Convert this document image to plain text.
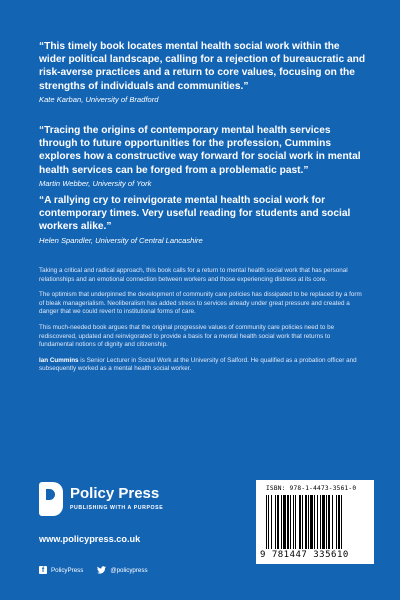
“This timely book locates mental health social work within the wider political landscape, calling for a rejection of bureaucratic and risk-averse practices and a return to core values, focusing on the strengths of individuals and communities.”

Kate Karban, University of Bradford

“Tracing the origins of contemporary mental health services through to future opportunities for the profession, Cummins explores how a constructive way forward for social work in mental health services can be forged from a problematic past.”

Martin Webber, University of York

“A rallying cry to reinvigorate mental health social work for contemporary times. Very useful reading for students and social workers alike.”

Helen Spandler, University of Central Lancashire

Taking a critical and radical approach, this book calls for a return to mental health social work that has personal relationships and an emotional connection between workers and those experiencing distress at its core.

The optimism that underpinned the development of community care policies has dissipated to be replaced by a form of bleak managerialism. Neoliberalism has added stress to services already under great pressure and created a danger that we could revert to institutional forms of care.

This much-needed book argues that the original progressive values of community care policies need to be rediscovered, updated and reinvigorated to provide a basis for a mental health social work that returns to fundamental notions of dignity and citizenship.

Ian Cummins is Senior Lecturer in Social Work at the University of Salford. He qualified as a probation officer and subsequently worked as a mental health social worker.

Policy Press
PUBLISHING WITH A PURPOSE
www.policypress.co.uk
f	PolicyPress	@policypress
ISBN: 978-1-4473-3561-0
9 781447 335610
